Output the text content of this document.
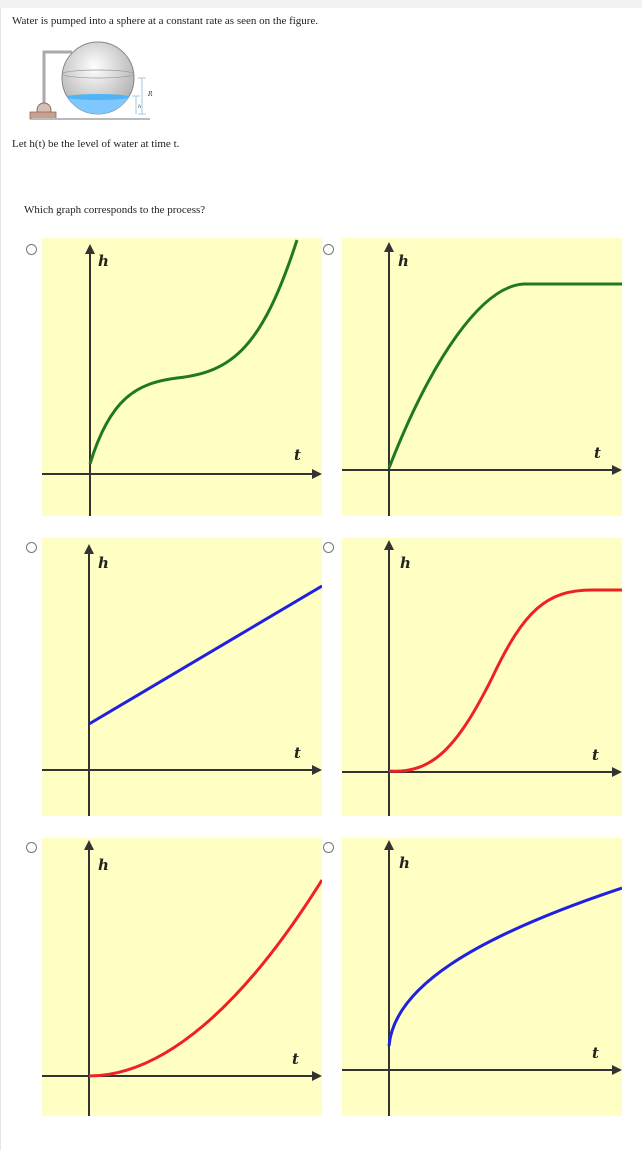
Water is pumped into a sphere at a constant rate as seen on the figure.
R
h
Let h(t) be the level of water at time t.
Which graph corresponds to the process?
h
t
h
t
h
t
h
t
h
t
h
t
